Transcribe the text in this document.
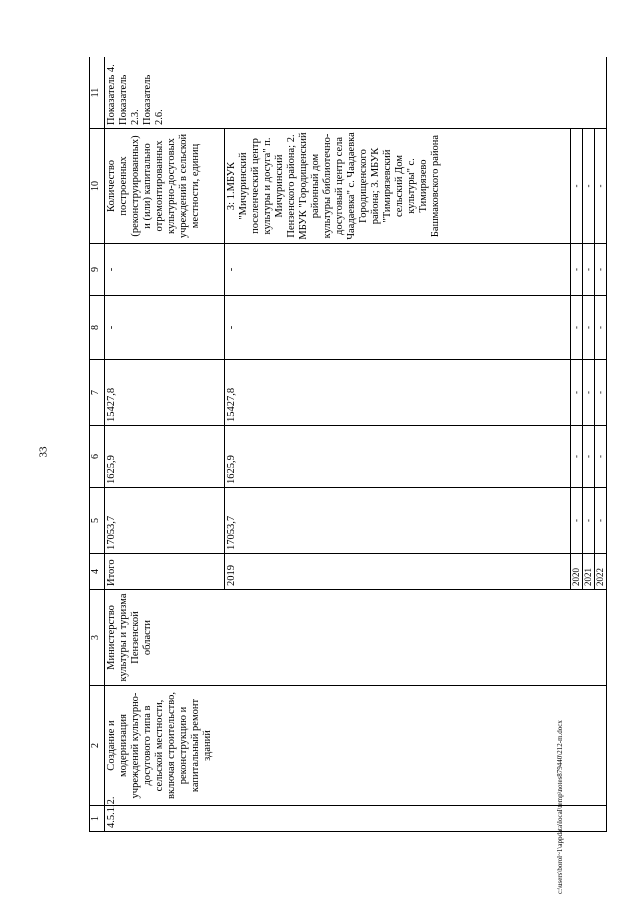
33
c:\users\borol~1\appdata\local\temp\notes879440\212-m.docx
1	2	3	4	5	6	7	8	9	10	11
4.5.1.2.	Создание и модернизация учреждений культурно-досугового типа в сельской местности, включая строительство, реконструкцию и капитальный ремонт зданий	Министерство культуры и туризма Пензенской области	Итого	17053,7	1625,9	15427,8	-	-	Количество построенных (реконструированных) и (или) капитально отремонтированных культурно-досуговых учреждений в сельской местности, единиц	Показатель 4. Показатель 2.3. Показатель 2.6.
			2019	17053,7	1625,9	15427,8	-	-	3: 1.МБУК "Мичуринский поселенческий центр культуры и досуга" п. Мичуринский Пензенского района; 2. МБУК "Городищенский районный дом культуры библиотечно-досуговый центр села Чаадаевка" с. Чаадаевка Городищенского района; 3. МБУК "Тимирязевский сельский Дом культуры" с. Тимирязево Башмаковского района	
			2020	-	-	-	-	-	-	
			2021	-	-	-	-	-	-	
			2022	-	-	-	-	-	-	
